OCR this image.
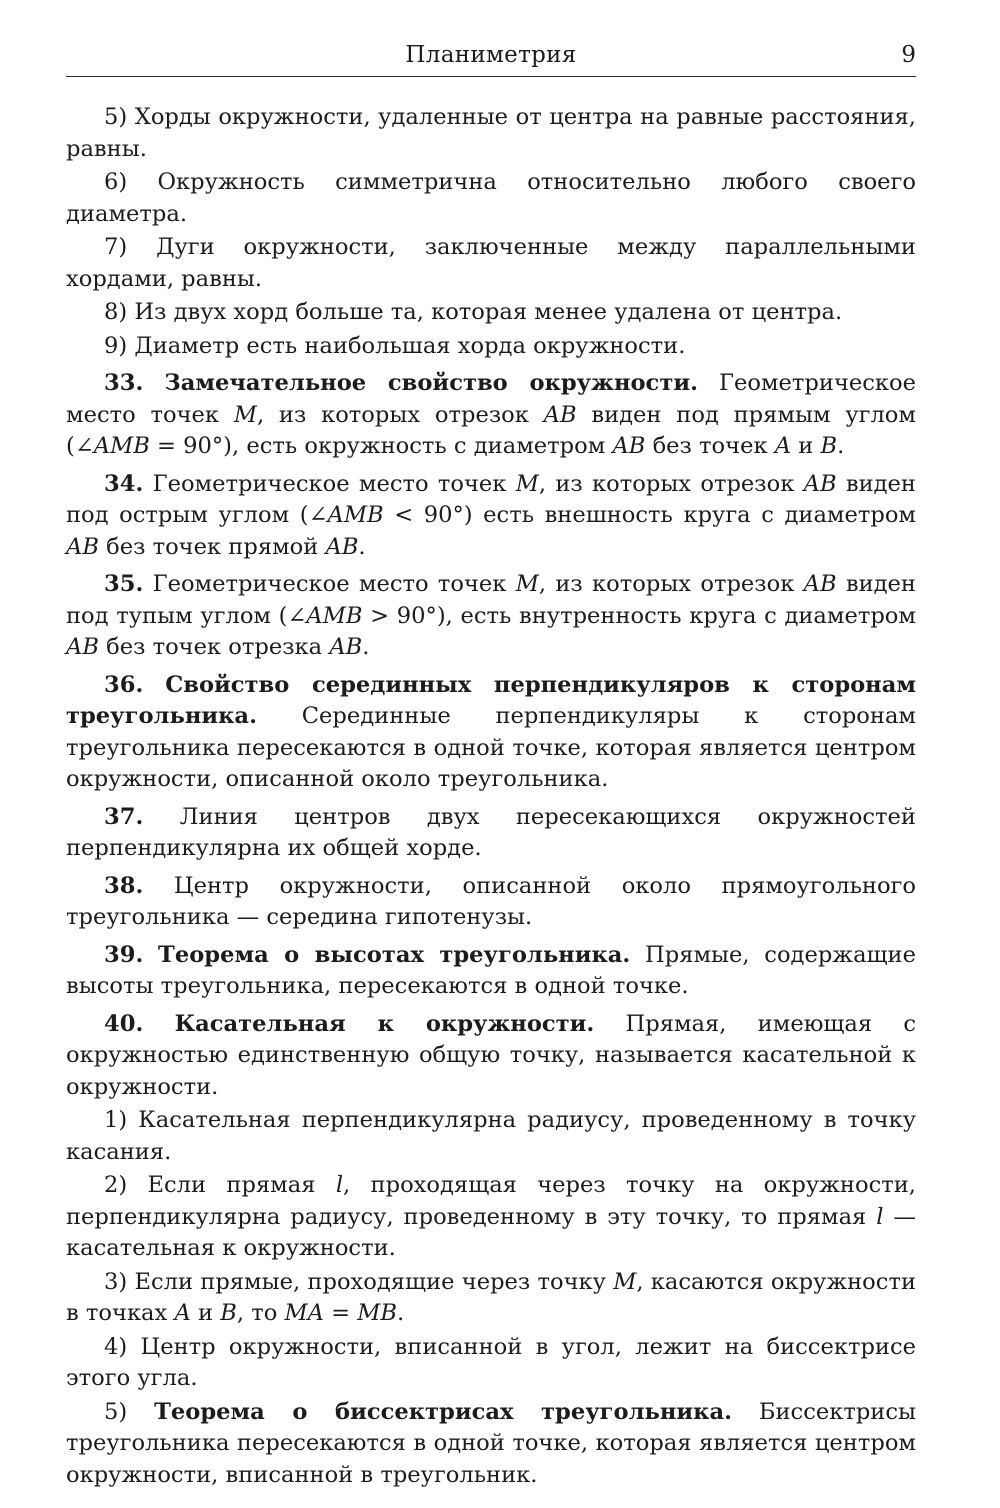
Планиметрия	9

5) Хорды окружности, удаленные от центра на равные расстояния, равны.

6) Окружность симметрична относительно любого своего диаметра.

7) Дуги окружности, заключенные между параллельными хордами, равны.

8) Из двух хорд больше та, которая менее удалена от центра.

9) Диаметр есть наибольшая хорда окружности.

33. Замечательное свойство окружности. Геометрическое место точек M, из которых отрезок AB виден под прямым углом (∠AMB = 90°), есть окружность с диаметром AB без точек A и B.

34. Геометрическое место точек M, из которых отрезок AB виден под острым углом (∠AMB < 90°) есть внешность круга с диаметром AB без точек прямой AB.

35. Геометрическое место точек M, из которых отрезок AB виден под тупым углом (∠AMB > 90°), есть внутренность круга с диаметром AB без точек отрезка AB.

36. Свойство серединных перпендикуляров к сторонам треугольника. Серединные перпендикуляры к сторонам треугольника пересекаются в одной точке, которая является центром окружности, описанной около треугольника.

37. Линия центров двух пересекающихся окружностей перпендикулярна их общей хорде.

38. Центр окружности, описанной около прямоугольного треугольника — середина гипотенузы.

39. Теорема о высотах треугольника. Прямые, содержащие высоты треугольника, пересекаются в одной точке.

40. Касательная к окружности. Прямая, имеющая с окружностью единственную общую точку, называется касательной к окружности.

1) Касательная перпендикулярна радиусу, проведенному в точку касания.

2) Если прямая l, проходящая через точку на окружности, перпендикулярна радиусу, проведенному в эту точку, то прямая l — касательная к окружности.

3) Если прямые, проходящие через точку M, касаются окружности в точках A и B, то MA = MB.

4) Центр окружности, вписанной в угол, лежит на биссектрисе этого угла.

5) Теорема о биссектрисах треугольника. Биссектрисы треугольника пересекаются в одной точке, которая является центром окружности, вписанной в треугольник.
